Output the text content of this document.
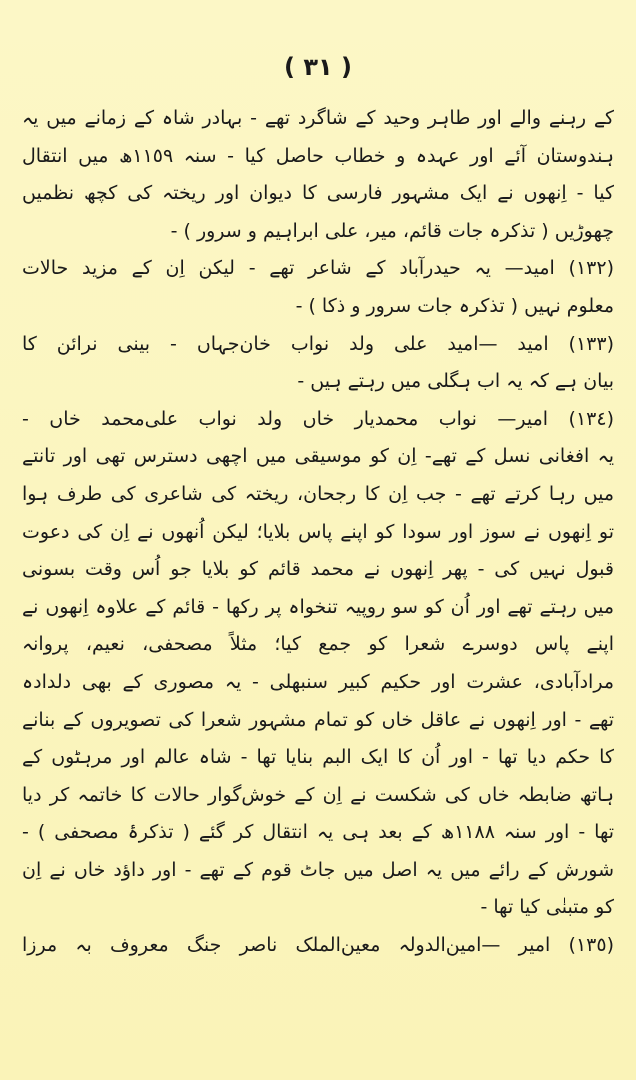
( ٣١ )
کے رہنے والے اور طاہر وحید کے شاگرد تھے - بہادر شاہ کے زمانے میں یہ
ہندوستان آئے اور عہدہ و خطاب حاصل کیا - سنہ ١١٥٩ھ میں انتقال
کیا - اِنھوں نے ایک مشہور فارسی کا دیوان اور ریختہ کی کچھ نظمیں
چھوڑیں ( تذکرہ جات قائم، میر، علی ابراہیم و سرور ) -
(١٣٢) امید— یہ حیدرآباد کے شاعر تھے - لیکن اِن کے مزید حالات
معلوم نہیں ( تذکرہ جات سرور و ذکا ) -
(١٣٣) امید —امید علی ولد نواب خان‌جہاں - بینی نرائن کا
بیان ہے کہ یہ اب ہگلی میں رہتے ہیں -
(١٣٤) امیر— نواب محمدیار خاں ولد نواب علی‌محمد خاں -
یہ افغانی نسل کے تھے- اِن کو موسیقی میں اچھی دسترس تھی اور تانتے
میں رہا کرتے تھے - جب اِن کا رجحان، ریختہ کی شاعری کی طرف ہوا
تو اِنھوں نے سوز اور سودا کو اپنے پاس بلایا؛ لیکن اُنھوں نے اِن کی دعوت
قبول نہیں کی - پھر اِنھوں نے محمد قائم کو بلایا جو اُس وقت بسونی
میں رہتے تھے اور اُن کو سو روپیہ تنخواہ پر رکھا - قائم کے علاوہ اِنھوں نے
اپنے پاس دوسرے شعرا کو جمع کیا؛ مثلاً مصحفی، نعیم، پروانہ
مرادآبادی، عشرت اور حکیم کبیر سنبھلی - یہ مصوری کے بھی دلدادہ
تھے - اور اِنھوں نے عاقل خاں کو تمام مشہور شعرا کی تصویروں کے بنانے
کا حکم دیا تھا - اور اُن کا ایک البم بنایا تھا - شاہ عالم اور مرہٹوں کے
ہاتھ ضابطہ خاں کی شکست نے اِن کے خوش‌گوار حالات کا خاتمہ کر دیا
تھا - اور سنہ ١١٨٨ھ کے بعد ہی یہ انتقال کر گئے ( تذکرۂ مصحفی ) -
شورش کے رائے میں یہ اصل میں جاٹ قوم کے تھے - اور داؤد خاں نے اِن
کو متبنٰی کیا تھا -
(١٣٥) امیر —امین‌الدولہ معین‌الملک ناصر جنگ معروف بہ مرزا
